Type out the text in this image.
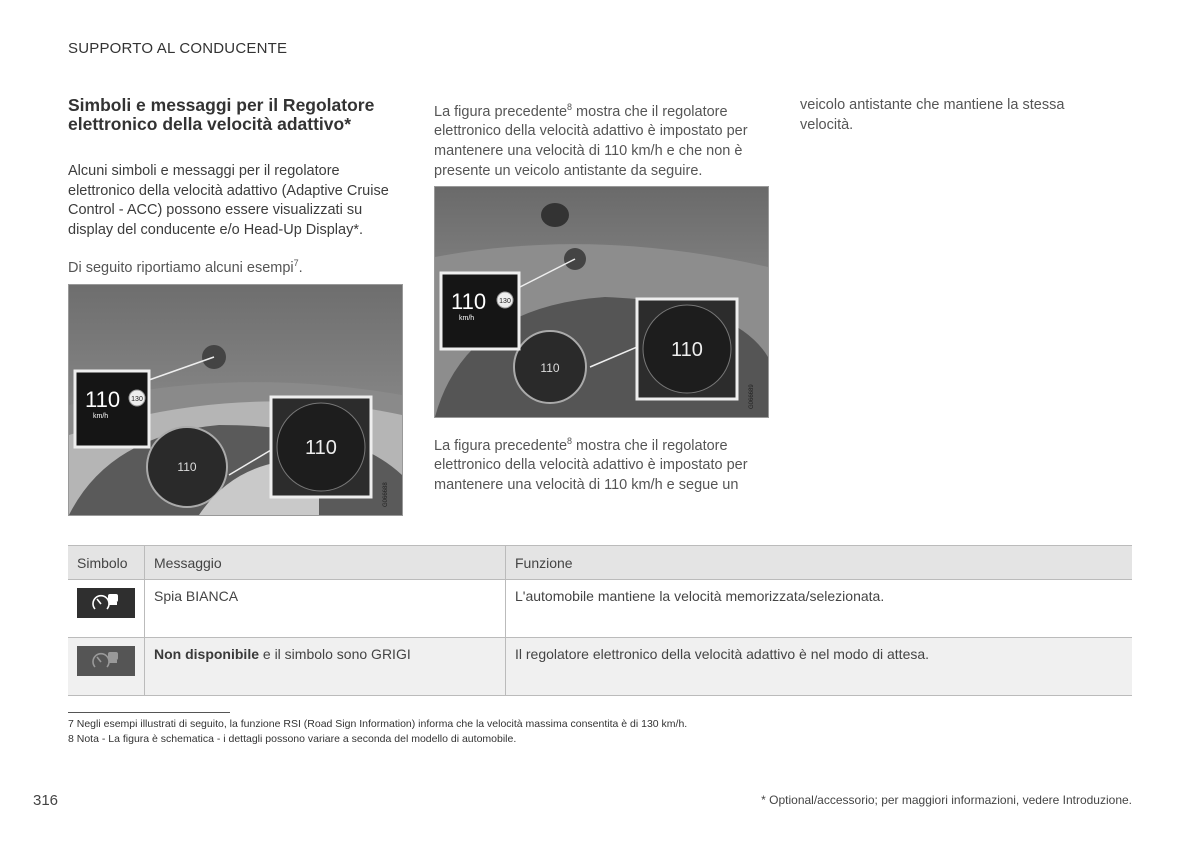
SUPPORTO AL CONDUCENTE
Simboli e messaggi per il Regolatore elettronico della velocità adattivo*
Alcuni simboli e messaggi per il regolatore elettronico della velocità adattivo (Adaptive Cruise Control - ACC) possono essere visualizzati su display del conducente e/o Head-Up Display*.
Di seguito riportiamo alcuni esempi$^7$.
110
110
km/h
130
110
G066688
La figura precedente$^8$ mostra che il regolatore elettronico della velocità adattivo è impostato per mantenere una velocità di 110 km/h e che non è presente un veicolo antistante da seguire.
110
110
km/h
130
110
G066689
La figura precedente$^8$ mostra che il regolatore elettronico della velocità adattivo è impostato per mantenere una velocità di 110 km/h e segue un
veicolo antistante che mantiene la stessa velocità.
Simbolo	Messaggio	Funzione

	Spia BIANCA	L'automobile mantiene la velocità memorizzata/selezionata.

	Non disponibile e il simbolo sono GRIGI	Il regolatore elettronico della velocità adattivo è nel modo di attesa.
7 Negli esempi illustrati di seguito, la funzione RSI (Road Sign Information) informa che la velocità massima consentita è di 130 km/h.
8 Nota - La figura è schematica - i dettagli possono variare a seconda del modello di automobile.
316	* Optional/accessorio; per maggiori informazioni, vedere Introduzione.
